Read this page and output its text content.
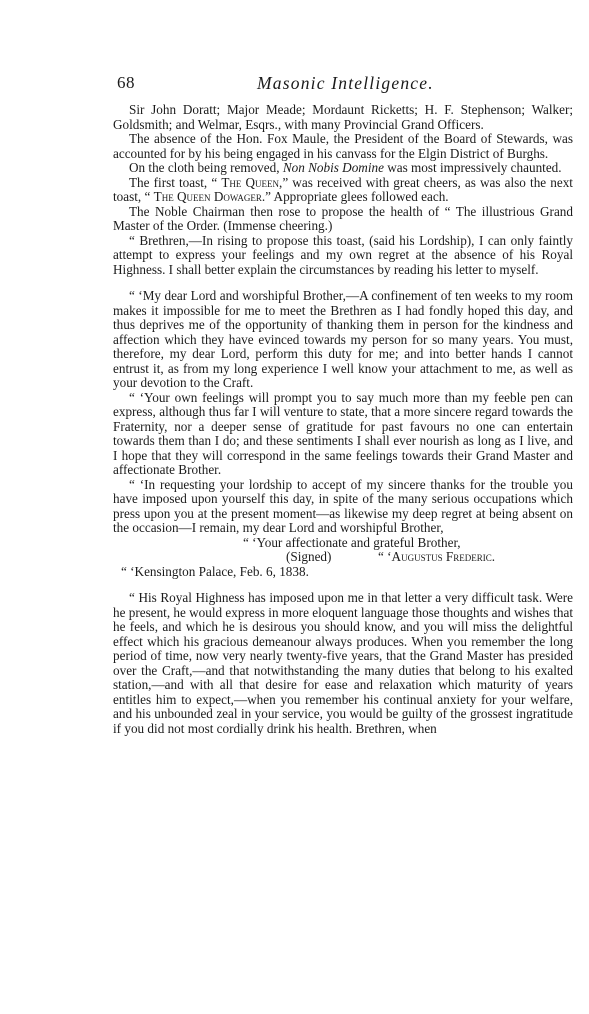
68	Masonic Intelligence.

Sir John Doratt; Major Meade; Mordaunt Ricketts; H. F. Stephenson; Walker; Goldsmith; and Welmar, Esqrs., with many Provincial Grand Officers.

The absence of the Hon. Fox Maule, the President of the Board of Stewards, was accounted for by his being engaged in his canvass for the Elgin District of Burghs.

On the cloth being removed, Non Nobis Domine was most impressively chaunted.

The first toast, “ The Queen,” was received with great cheers, as was also the next toast, “ The Queen Dowager.” Appropriate glees followed each.

The Noble Chairman then rose to propose the health of “ The illustrious Grand Master of the Order. (Immense cheering.)

“ Brethren,—In rising to propose this toast, (said his Lordship), I can only faintly attempt to express your feelings and my own regret at the absence of his Royal Highness. I shall better explain the circumstances by reading his letter to myself.

“ ‘My dear Lord and worshipful Brother,—A confinement of ten weeks to my room makes it impossible for me to meet the Brethren as I had fondly hoped this day, and thus deprives me of the opportunity of thanking them in person for the kindness and affection which they have evinced towards my person for so many years. You must, therefore, my dear Lord, perform this duty for me; and into better hands I cannot entrust it, as from my long experience I well know your attachment to me, as well as your devotion to the Craft.

“ ‘Your own feelings will prompt you to say much more than my feeble pen can express, although thus far I will venture to state, that a more sincere regard towards the Fraternity, nor a deeper sense of gratitude for past favours no one can entertain towards them than I do; and these sentiments I shall ever nourish as long as I live, and I hope that they will correspond in the same feelings towards their Grand Master and affectionate Brother.

“ ‘In requesting your lordship to accept of my sincere thanks for the trouble you have imposed upon yourself this day, in spite of the many serious occupations which press upon you at the present moment—as likewise my deep regret at being absent on the occasion—I remain, my dear Lord and worshipful Brother,

“ ‘Your affectionate and grateful Brother,
(Signed)	“ ‘Augustus Frederic.
“ ‘Kensington Palace, Feb. 6, 1838.

“ His Royal Highness has imposed upon me in that letter a very difficult task. Were he present, he would express in more eloquent language those thoughts and wishes that he feels, and which he is desirous you should know, and you will miss the delightful effect which his gracious demeanour always produces. When you remember the long period of time, now very nearly twenty-five years, that the Grand Master has presided over the Craft,—and that notwithstanding the many duties that belong to his exalted station,—and with all that desire for ease and relaxation which maturity of years entitles him to expect,—when you remember his continual anxiety for your welfare, and his unbounded zeal in your service, you would be guilty of the grossest ingratitude if you did not most cordially drink his health. Brethren, when
